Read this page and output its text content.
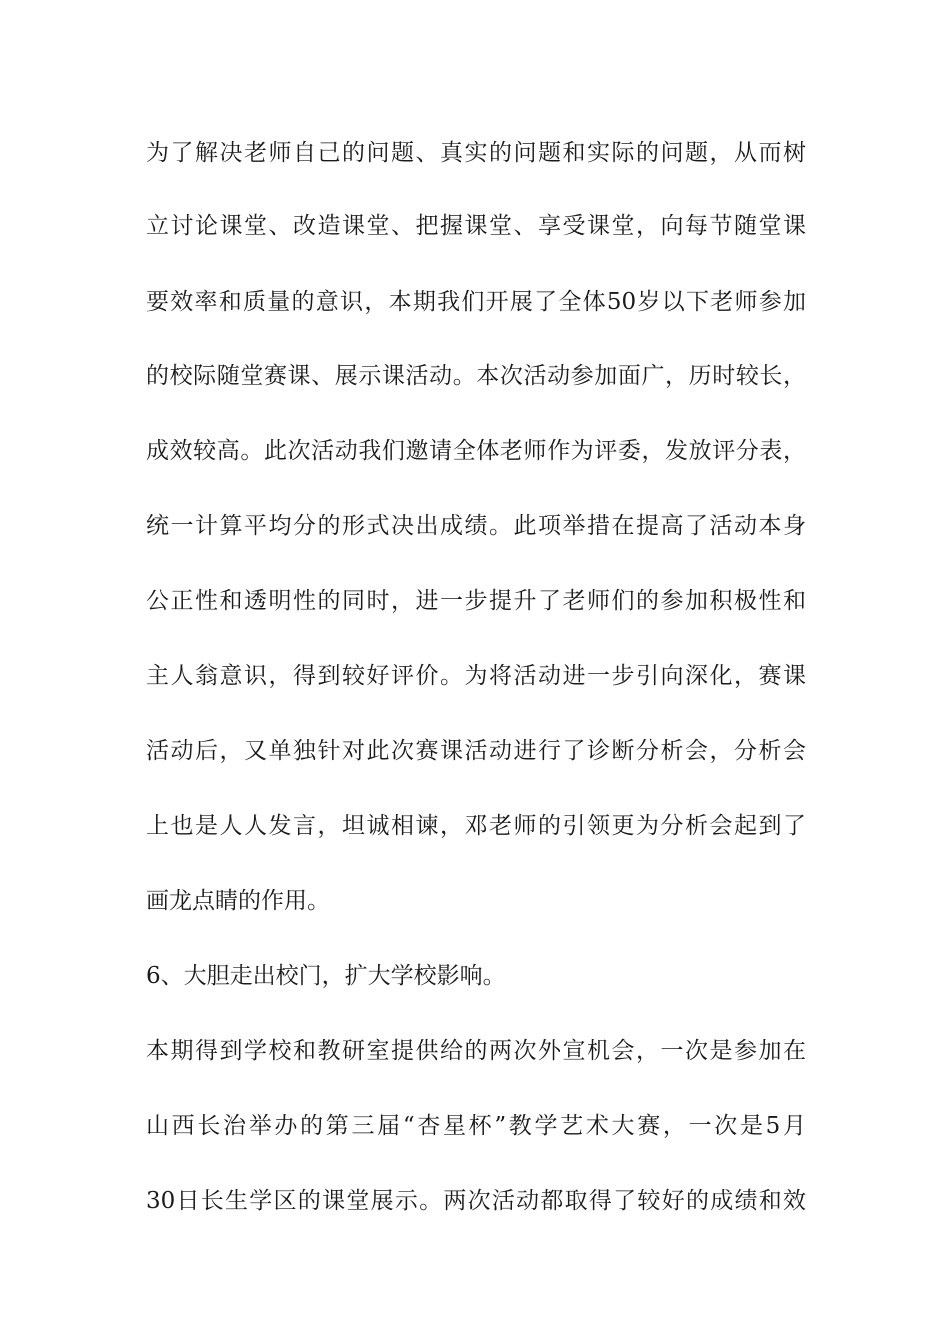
为了解决老师自己的问题、真实的问题和实际的问题，从而树
立讨论课堂、改造课堂、把握课堂、享受课堂，向每节随堂课
要效率和质量的意识，本期我们开展了全体50岁以下老师参加
的校际随堂赛课、展示课活动。本次活动参加面广，历时较长，
成效较高。此次活动我们邀请全体老师作为评委，发放评分表，
统一计算平均分的形式决出成绩。此项举措在提高了活动本身
公正性和透明性的同时，进一步提升了老师们的参加积极性和
主人翁意识，得到较好评价。为将活动进一步引向深化，赛课
活动后，又单独针对此次赛课活动进行了诊断分析会，分析会
上也是人人发言，坦诚相谏，邓老师的引领更为分析会起到了
画龙点睛的作用。
6、大胆走出校门，扩大学校影响。
本期得到学校和教研室提供给的两次外宣机会，一次是参加在
山西长治举办的第三届“杏星杯”教学艺术大赛，一次是5月
30日长生学区的课堂展示。两次活动都取得了较好的成绩和效
